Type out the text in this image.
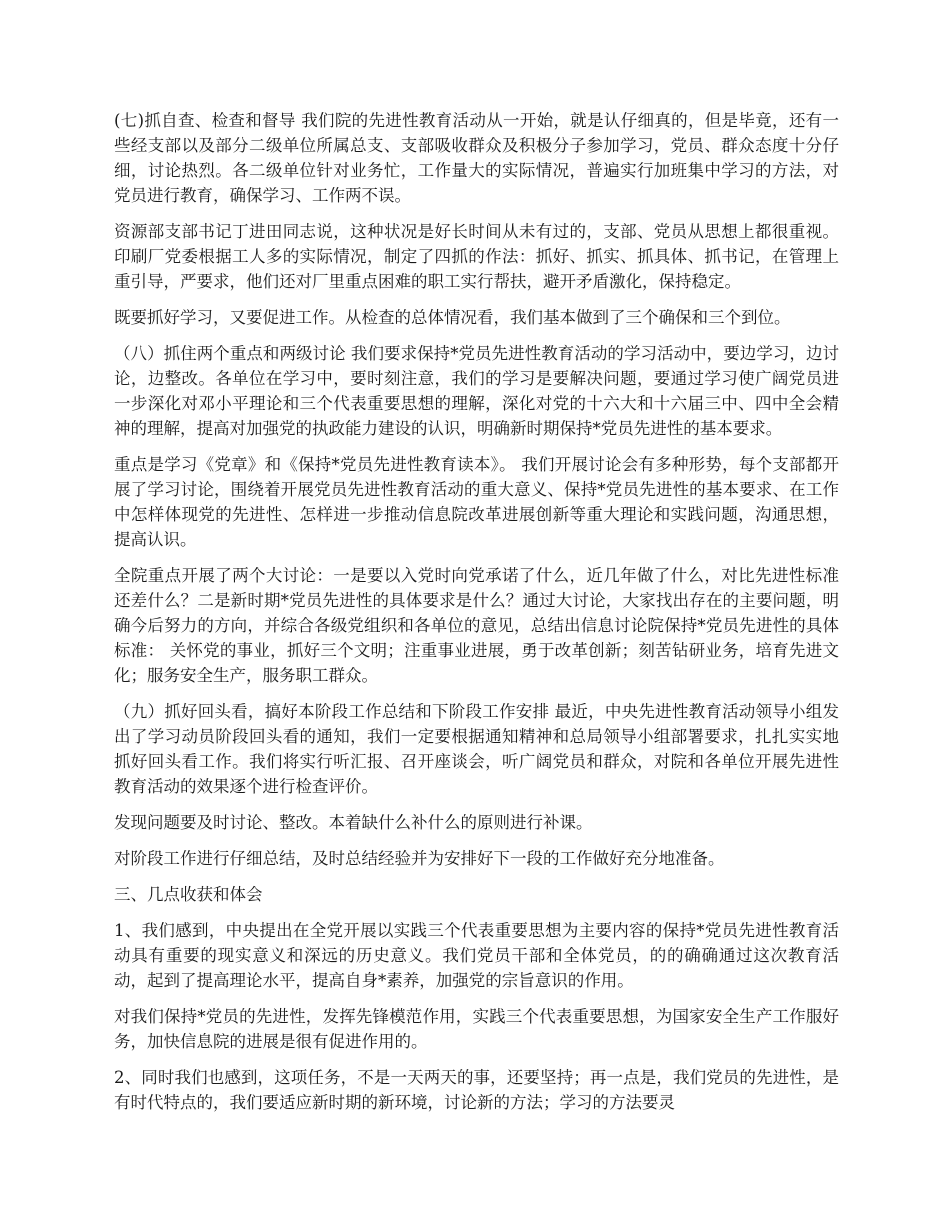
(七)抓自查、检查和督导 我们院的先进性教育活动从一开始，就是认仔细真的，但是毕竟，还有一些经支部以及部分二级单位所属总支、支部吸收群众及积极分子参加学习，党员、群众态度十分仔细，讨论热烈。各二级单位针对业务忙，工作量大的实际情况，普遍实行加班集中学习的方法，对党员进行教育，确保学习、工作两不误。

资源部支部书记丁进田同志说，这种状况是好长时间从未有过的，支部、党员从思想上都很重视。印刷厂党委根据工人多的实际情况，制定了四抓的作法：抓好、抓实、抓具体、抓书记，在管理上重引导，严要求，他们还对厂里重点困难的职工实行帮扶，避开矛盾激化，保持稳定。

既要抓好学习，又要促进工作。从检查的总体情况看，我们基本做到了三个确保和三个到位。

（八）抓住两个重点和两级讨论 我们要求保持*党员先进性教育活动的学习活动中，要边学习，边讨论，边整改。各单位在学习中，要时刻注意，我们的学习是要解决问题，要通过学习使广阔党员进一步深化对邓小平理论和三个代表重要思想的理解，深化对党的十六大和十六届三中、四中全会精神的理解，提高对加强党的执政能力建设的认识，明确新时期保持*党员先进性的基本要求。

重点是学习《党章》和《保持*党员先进性教育读本》。 我们开展讨论会有多种形势，每个支部都开展了学习讨论，围绕着开展党员先进性教育活动的重大意义、保持*党员先进性的基本要求、在工作中怎样体现党的先进性、怎样进一步推动信息院改革进展创新等重大理论和实践问题，沟通思想，提高认识。

全院重点开展了两个大讨论：一是要以入党时向党承诺了什么，近几年做了什么，对比先进性标准还差什么？二是新时期*党员先进性的具体要求是什么？通过大讨论，大家找出存在的主要问题，明确今后努力的方向，并综合各级党组织和各单位的意见，总结出信息讨论院保持*党员先进性的具体标准： 关怀党的事业，抓好三个文明；注重事业进展，勇于改革创新；刻苦钻研业务，培育先进文化；服务安全生产，服务职工群众。

（九）抓好回头看，搞好本阶段工作总结和下阶段工作安排 最近，中央先进性教育活动领导小组发出了学习动员阶段回头看的通知，我们一定要根据通知精神和总局领导小组部署要求，扎扎实实地抓好回头看工作。我们将实行听汇报、召开座谈会，听广阔党员和群众，对院和各单位开展先进性教育活动的效果逐个进行检查评价。

发现问题要及时讨论、整改。本着缺什么补什么的原则进行补课。

对阶段工作进行仔细总结，及时总结经验并为安排好下一段的工作做好充分地准备。

三、几点收获和体会

1、我们感到，中央提出在全党开展以实践三个代表重要思想为主要内容的保持*党员先进性教育活动具有重要的现实意义和深远的历史意义。我们党员干部和全体党员，的的确确通过这次教育活动，起到了提高理论水平，提高自身*素养，加强党的宗旨意识的作用。

对我们保持*党员的先进性，发挥先锋模范作用，实践三个代表重要思想，为国家安全生产工作服好务，加快信息院的进展是很有促进作用的。

2、同时我们也感到，这项任务，不是一天两天的事，还要坚持；再一点是，我们党员的先进性，是有时代特点的，我们要适应新时期的新环境，讨论新的方法；学习的方法要灵
